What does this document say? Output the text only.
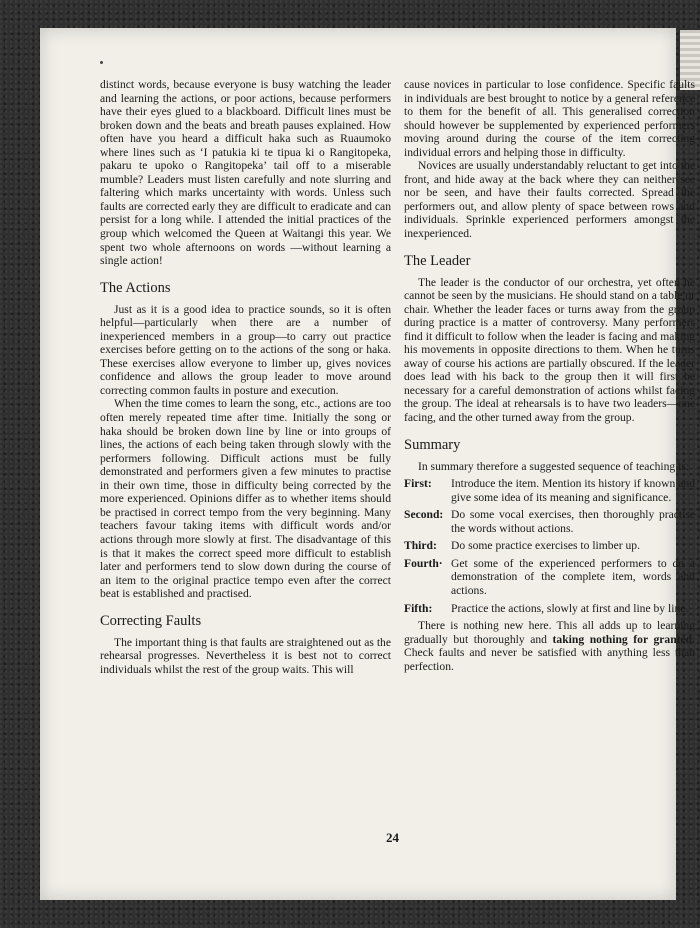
distinct words, because everyone is busy watching the leader and learning the actions, or poor actions, because performers have their eyes glued to a blackboard. Difficult lines must be broken down and the beats and breath pauses explained. How often have you heard a difficult haka such as Ruaumoko where lines such as ‘I patukia ki te tipua ki o Rangitopeka, pakaru te upoko o Rangitopeka’ tail off to a miserable mumble? Leaders must listen carefully and note slurring and faltering which marks uncertainty with words. Unless such faults are corrected early they are difficult to eradicate and can persist for a long while. I attended the initial practices of the group which welcomed the Queen at Waitangi this year. We spent two whole afternoons on words —without learning a single action!

The Actions

Just as it is a good idea to practice sounds, so it is often helpful—particularly when there are a number of inexperienced members in a group—to carry out practice exercises before getting on to the actions of the song or haka. These exercises allow everyone to limber up, gives novices confidence and allows the group leader to move around correcting common faults in posture and execution.

When the time comes to learn the song, etc., actions are too often merely repeated time after time. Initially the song or haka should be broken down line by line or into groups of lines, the actions of each being taken through slowly with the performers following. Difficult actions must be fully demonstrated and performers given a few minutes to practise in their own time, those in difficulty being corrected by the more experienced. Opinions differ as to whether items should be practised in correct tempo from the very beginning. Many teachers favour taking items with difficult words and/or actions through more slowly at first. The disadvantage of this is that it makes the correct speed more difficult to establish later and performers tend to slow down during the course of an item to the original practice tempo even after the correct beat is established and practised.

Correcting Faults

The important thing is that faults are straightened out as the rehearsal progresses. Nevertheless it is best not to correct individuals whilst the rest of the group waits. This will

cause novices in particular to lose confidence. Specific faults in individuals are best brought to notice by a general reference to them for the benefit of all. This generalised correction should however be supplemented by experienced performers moving around during the course of the item correcting individual errors and helping those in difficulty.

Novices are usually understandably reluctant to get into the front, and hide away at the back where they can neither see nor be seen, and have their faults corrected. Spread the performers out, and allow plenty of space between rows and individuals. Sprinkle experienced performers amongst the inexperienced.

The Leader

The leader is the conductor of our orchestra, yet often he cannot be seen by the musicians. He should stand on a table or chair. Whether the leader faces or turns away from the group during practice is a matter of controversy. Many performers find it difficult to follow when the leader is facing and making his movements in opposite directions to them. When he turns away of course his actions are partially obscured. If the leader does lead with his back to the group then it will first be necessary for a careful demonstration of actions whilst facing the group. The ideal at rehearsals is to have two leaders—one facing, and the other turned away from the group.

Summary

In summary therefore a suggested sequence of teaching is:

First:	Introduce the item. Mention its history if known and give some idea of its meaning and significance.
Second: Do some vocal exercises, then thoroughly practise the words without actions.
Third:	Do some practice exercises to limber up.
Fourth· Get some of the experienced performers to do a demonstration of the complete item, words and actions.
Fifth:	Practice the actions, slowly at first and line by line.

There is nothing new here. This all adds up to learning gradually but thoroughly and taking nothing for granted. Check faults and never be satisfied with anything less than perfection.

24
